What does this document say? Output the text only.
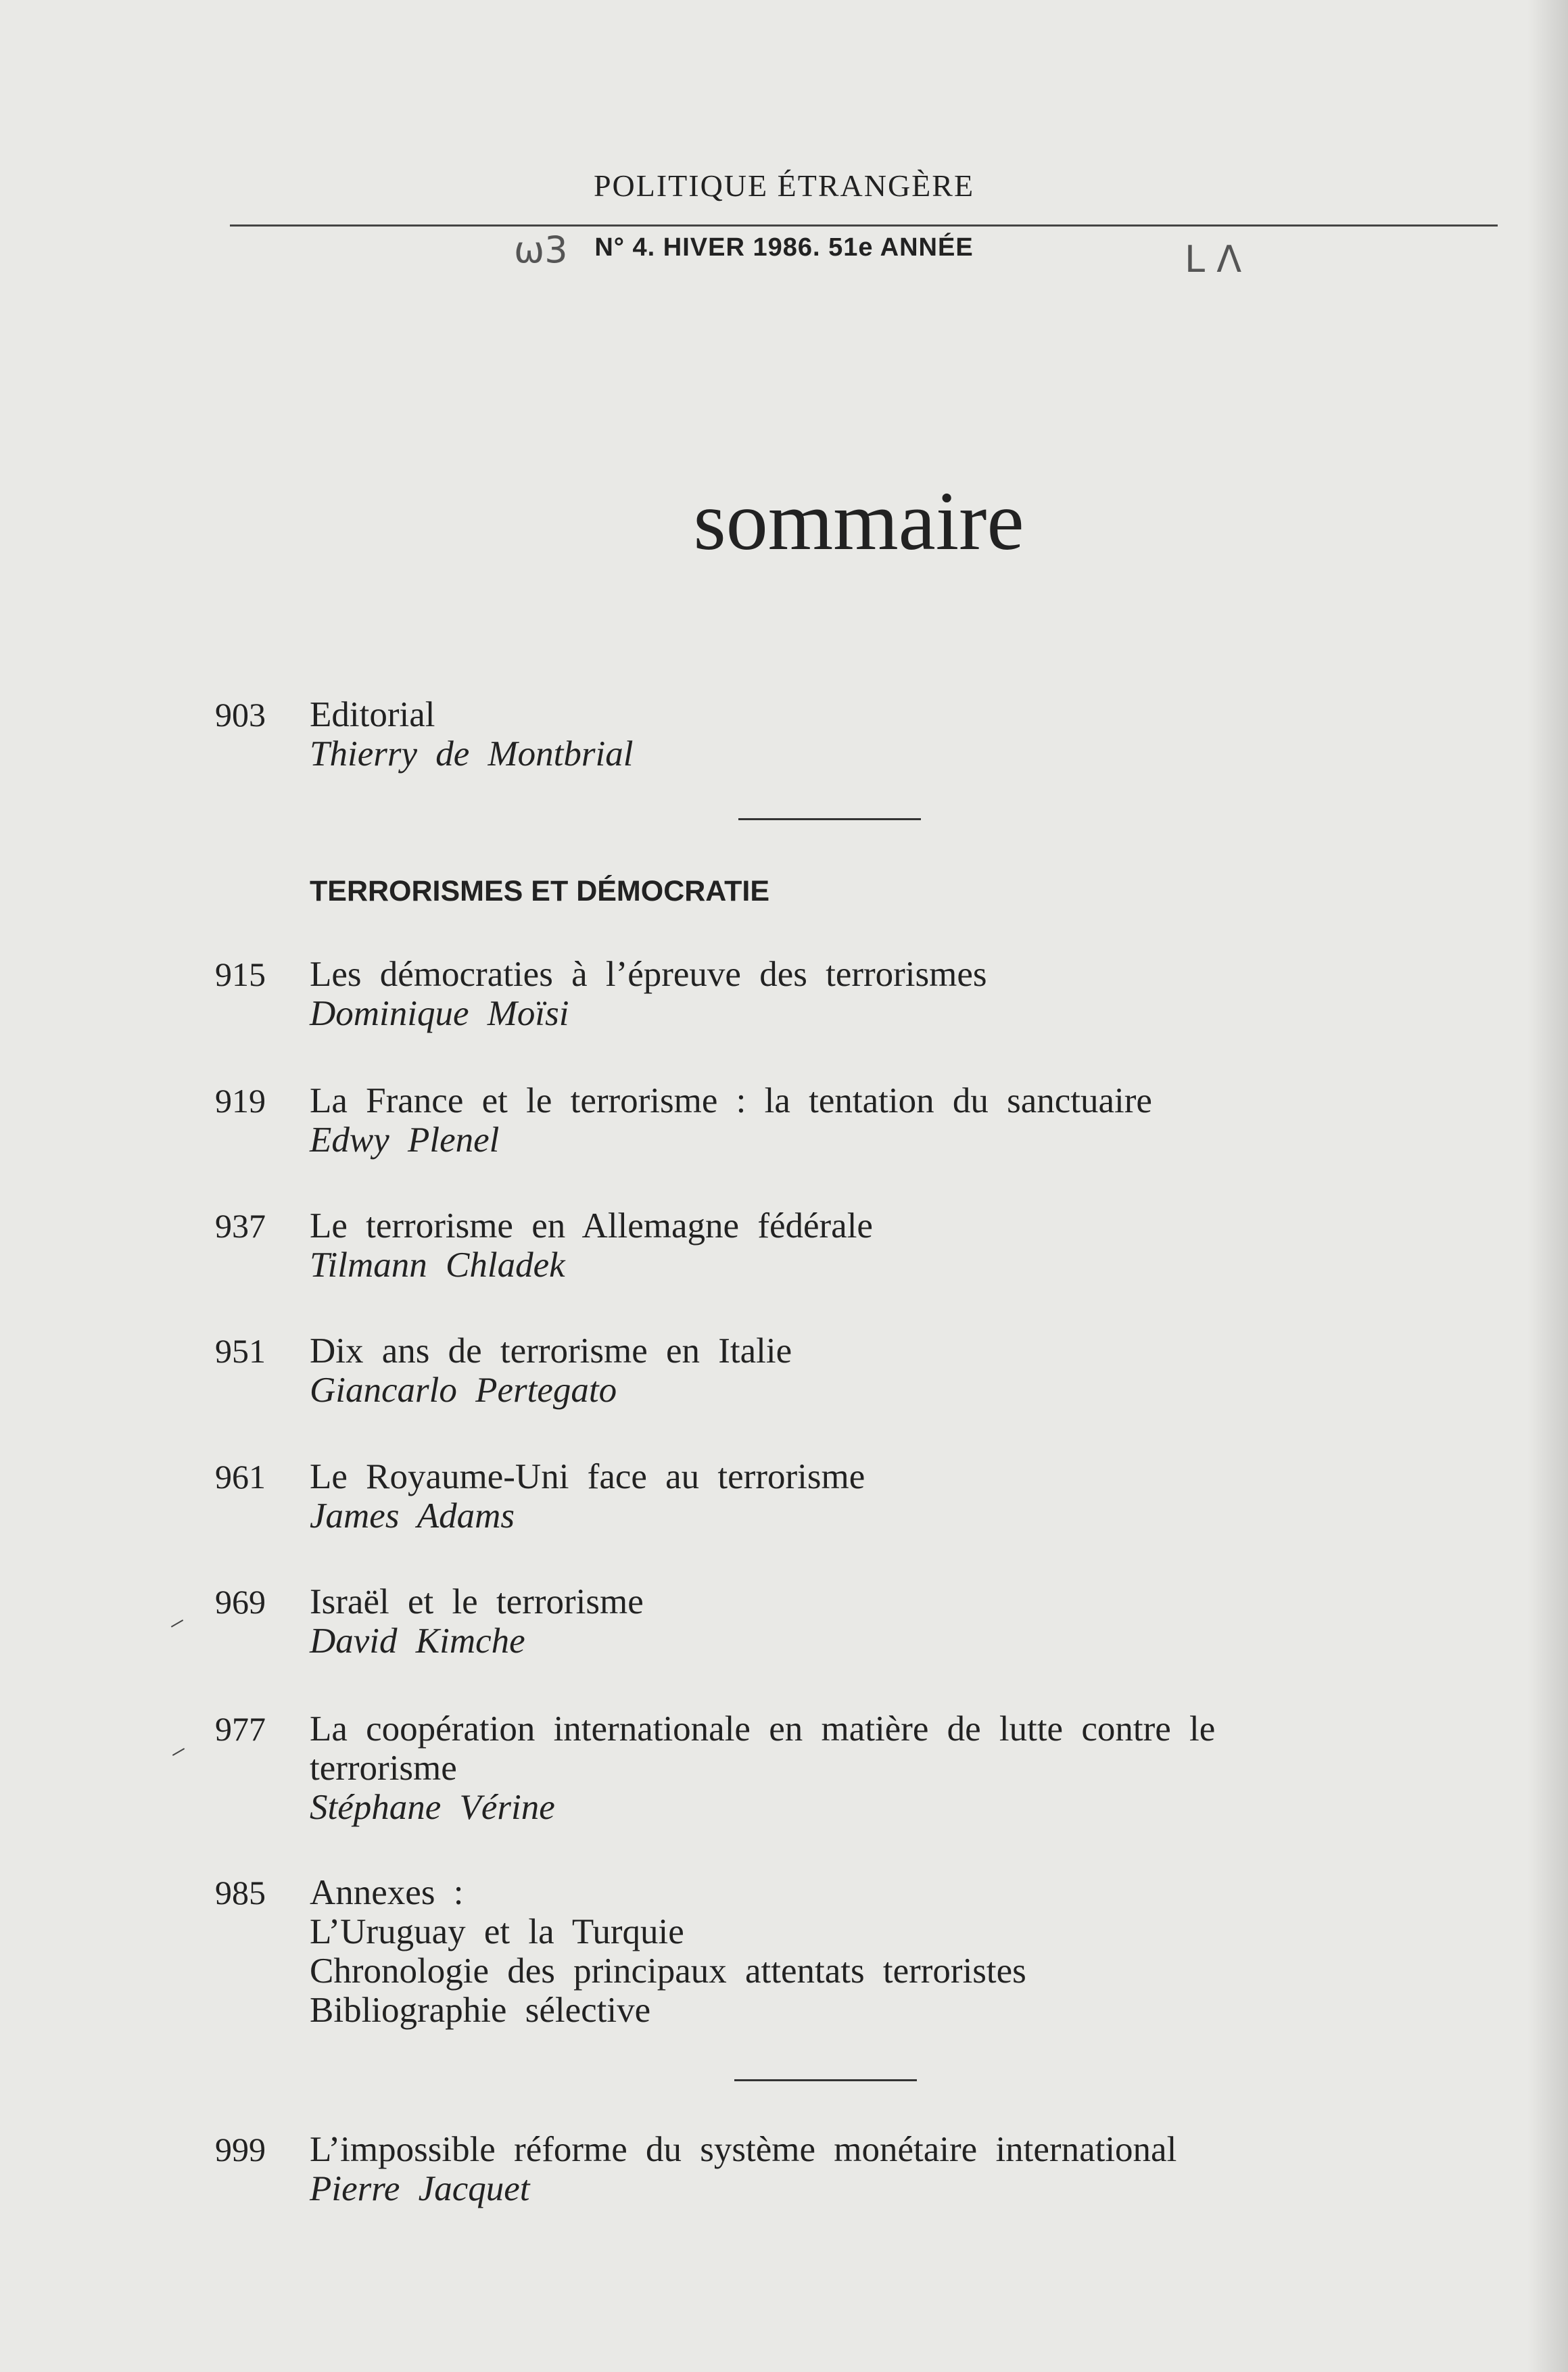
POLITIQUE ÉTRANGÈRE
N° 4. HIVER 1986. 51e ANNÉE
ω3	L Λ
sommaire
903 Editorial
Thierry de Montbrial
TERRORISMES ET DÉMOCRATIE
915 Les démocraties à l’épreuve des terrorismes
Dominique Moïsi
919 La France et le terrorisme : la tentation du sanctuaire
Edwy Plenel
937 Le terrorisme en Allemagne fédérale
Tilmann Chladek
951 Dix ans de terrorisme en Italie
Giancarlo Pertegato
961 Le Royaume-Uni face au terrorisme
James Adams
969 Israël et le terrorisme
David Kimche
977 La coopération internationale en matière de lutte contre le
terrorisme
Stéphane Vérine
985 Annexes :
L’Uruguay et la Turquie
Chronologie des principaux attentats terroristes
Bibliographie sélective
999 L’impossible réforme du système monétaire international
Pierre Jacquet
